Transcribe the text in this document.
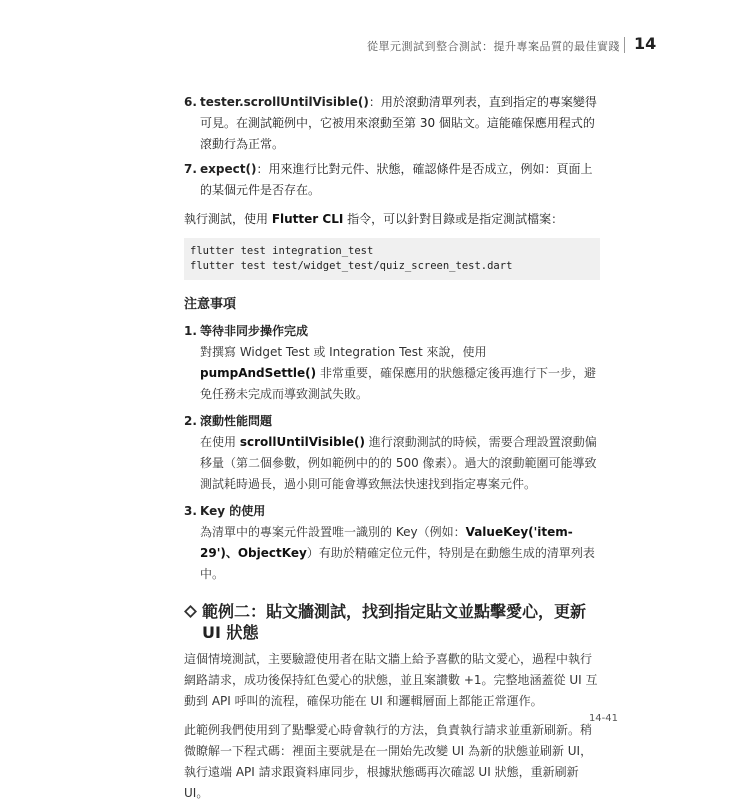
從單元測試到整合測試：提升專案品質的最佳實踐 14
6. tester.scrollUntilVisible()：用於滾動清單列表，直到指定的專案變得可見。在測試範例中，它被用來滾動至第 30 個貼文。這能確保應用程式的滾動行為正常。
7. expect()：用來進行比對元件、狀態，確認條件是否成立，例如：頁面上的某個元件是否存在。
執行測試，使用 Flutter CLI 指令，可以針對目錄或是指定測試檔案：
flutter test integration_test
flutter test test/widget_test/quiz_screen_test.dart
注意事項
1. 等待非同步操作完成
對撰寫 Widget Test 或 Integration Test 來說，使用 pumpAndSettle() 非常重要，確保應用的狀態穩定後再進行下一步，避免任務未完成而導致測試失敗。
2. 滾動性能問題
在使用 scrollUntilVisible() 進行滾動測試的時候，需要合理設置滾動偏移量（第二個參數，例如範例中的的 500 像素）。過大的滾動範圍可能導致測試耗時過長，過小則可能會導致無法快速找到指定專案元件。
3. Key 的使用
為清單中的專案元件設置唯一識別的 Key（例如：ValueKey('item-29')、ObjectKey）有助於精確定位元件，特別是在動態生成的清單列表中。
範例二：貼文牆測試，找到指定貼文並點擊愛心，更新 UI 狀態
這個情境測試，主要驗證使用者在貼文牆上給予喜歡的貼文愛心，過程中執行網路請求，成功後保持紅色愛心的狀態，並且案讚數 +1。完整地涵蓋從 UI 互動到 API 呼叫的流程，確保功能在 UI 和邏輯層面上都能正常運作。
此範例我們使用到了點擊愛心時會執行的方法，負責執行請求並重新刷新。稍微瞭解一下程式碼：裡面主要就是在一開始先改變 UI 為新的狀態並刷新 UI，執行遠端 API 請求跟資料庫同步，根據狀態碼再次確認 UI 狀態，重新刷新 UI。
14-41
